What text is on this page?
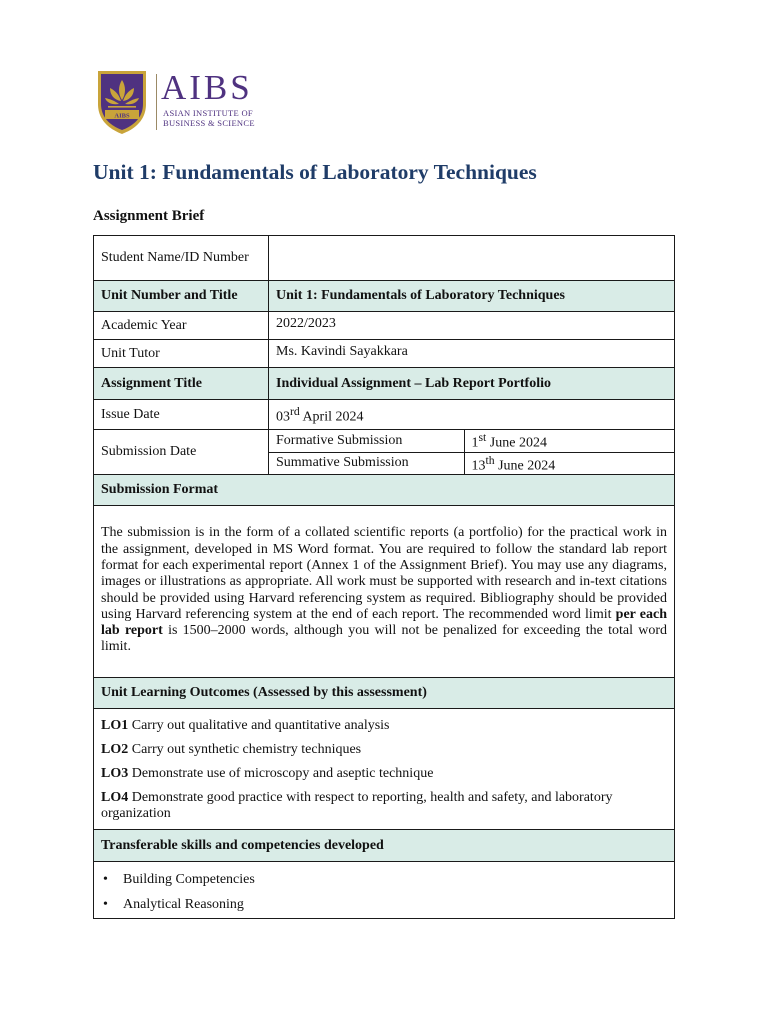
AIBS
AIBS
ASIAN INSTITUTE OF
BUSINESS & SCIENCE
Unit 1: Fundamentals of Laboratory Techniques
Assignment Brief
Student Name/ID Number	
Unit Number and Title	Unit 1: Fundamentals of Laboratory Techniques
Academic Year	2022/2023
Unit Tutor	Ms. Kavindi Sayakkara
Assignment Title	Individual Assignment – Lab Report Portfolio
Issue Date	03rd April 2024
Submission Date	
Formative Submission	1st June 2024
Summative Submission	13th June 2024

Submission Format

The submission is in the form of a collated scientific reports (a portfolio) for the practical work in the assignment, developed in MS Word format. You are required to follow the standard lab report format for each experimental report (Annex 1 of the Assignment Brief). You may use any diagrams, images or illustrations as appropriate. All work must be supported with research and in-text citations should be provided using Harvard referencing system as required. Bibliography should be provided using Harvard referencing system at the end of each report. The recommended word limit per each lab report is 1500–2000 words, although you will not be penalized for exceeding the total word limit.
Unit Learning Outcomes (Assessed by this assessment)

LO1 Carry out qualitative and quantitative analysis

LO2 Carry out synthetic chemistry techniques

LO3 Demonstrate use of microscopy and aseptic technique

LO4 Demonstrate good practice with respect to reporting, health and safety, and laboratory organization

Transferable skills and competencies developed

• Building Competencies
• Analytical Reasoning
